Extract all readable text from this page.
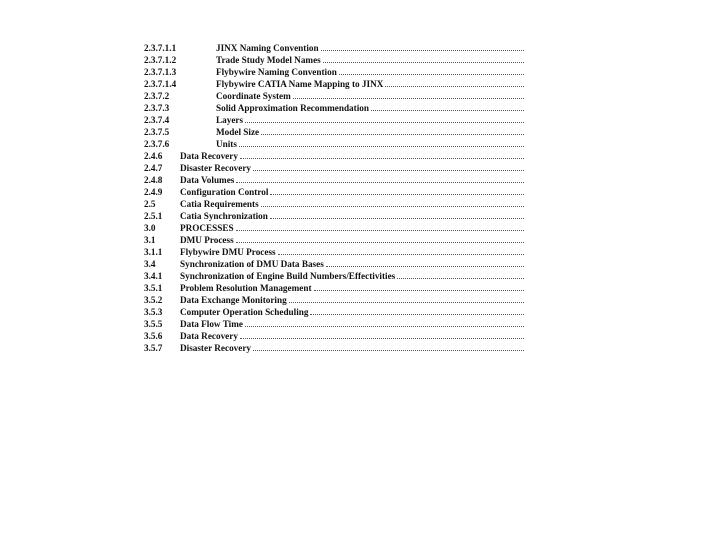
2.3.7.1.1	JINX Naming Convention
2.3.7.1.2	Trade Study Model Names
2.3.7.1.3	Flybywire Naming Convention
2.3.7.1.4	Flybywire CATIA Name Mapping to JINX
2.3.7.2	Coordinate System
2.3.7.3	Solid Approximation Recommendation
2.3.7.4	Layers
2.3.7.5	Model Size
2.3.7.6	Units
2.4.6	Data Recovery
2.4.7	Disaster Recovery
2.4.8	Data Volumes
2.4.9	Configuration Control
2.5	Catia Requirements
2.5.1	Catia Synchronization
3.0	PROCESSES
3.1	DMU Process
3.1.1	Flybywire DMU Process
3.4	Synchronization of DMU Data Bases
3.4.1	Synchronization of Engine Build Numbers/Effectivities
3.5.1	Problem Resolution Management
3.5.2	Data Exchange Monitoring
3.5.3	Computer Operation Scheduling
3.5.5	Data Flow Time
3.5.6	Data Recovery
3.5.7	Disaster Recovery
